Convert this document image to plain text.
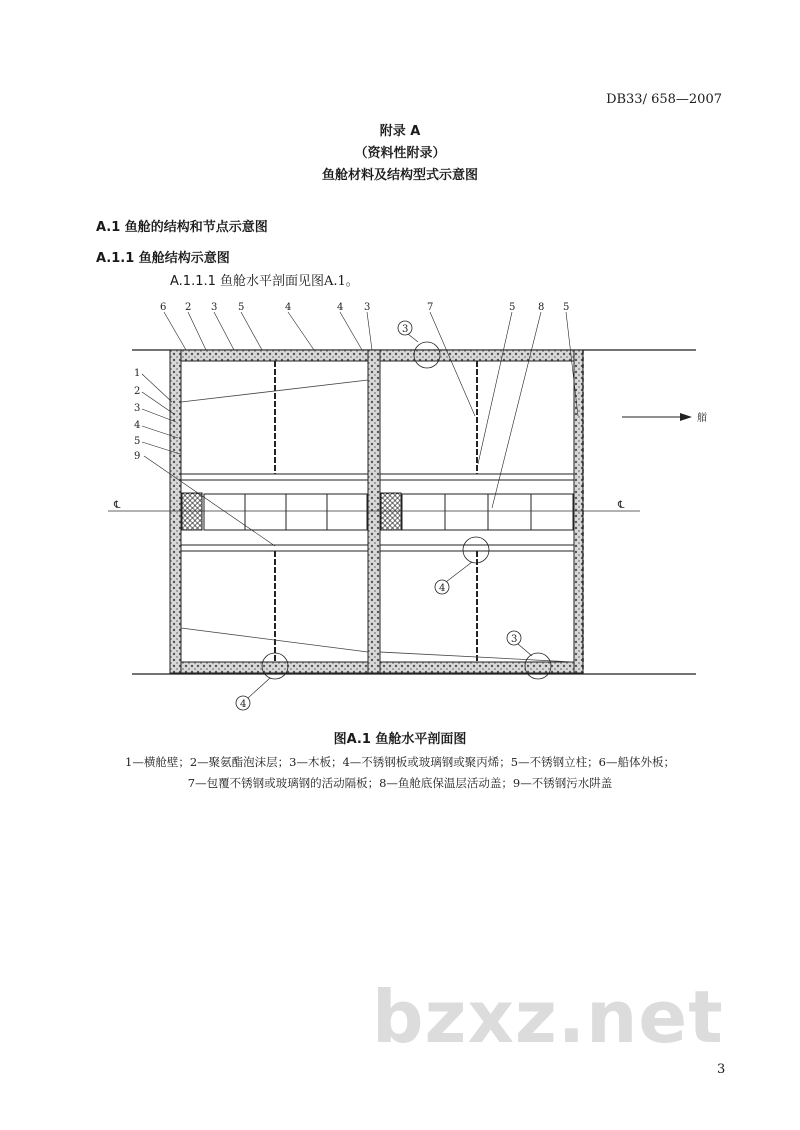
DB33/ 658—2007
附录 A
（资料性附录）
鱼舱材料及结构型式示意图
A.1 鱼舱的结构和节点示意图
A.1.1 鱼舱结构示意图
A.1.1.1 鱼舱水平剖面见图A.1。
6 2 3 5	4	4 3	7	5 8 5
1
2
3
4
5
9
3
4
3
4
艏
℄	℄
图A.1 鱼舱水平剖面图
1—横舱壁；2—聚氨酯泡沫层；3—木板；4—不锈钢板或玻璃钢或聚丙烯；5—不锈钢立柱；6—船体外板；
7—包覆不锈钢或玻璃钢的活动隔板；8—鱼舱底保温层活动盖；9—不锈钢污水阱盖
bzxz.net
3
